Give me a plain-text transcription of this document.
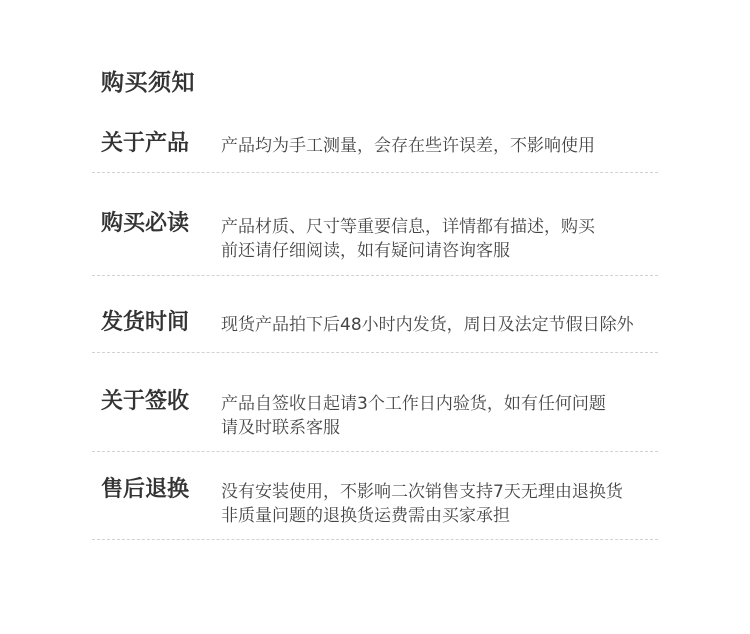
购买须知
关于产品 产品均为手工测量，会存在些许误差，不影响使用
购买必读 产品材质、尺寸等重要信息，详情都有描述，购买
前还请仔细阅读，如有疑问请咨询客服
发货时间 现货产品拍下后48小时内发货，周日及法定节假日除外
关于签收 产品自签收日起请3个工作日内验货，如有任何问题
请及时联系客服
售后退换 没有安装使用，不影响二次销售支持7天无理由退换货
非质量问题的退换货运费需由买家承担
